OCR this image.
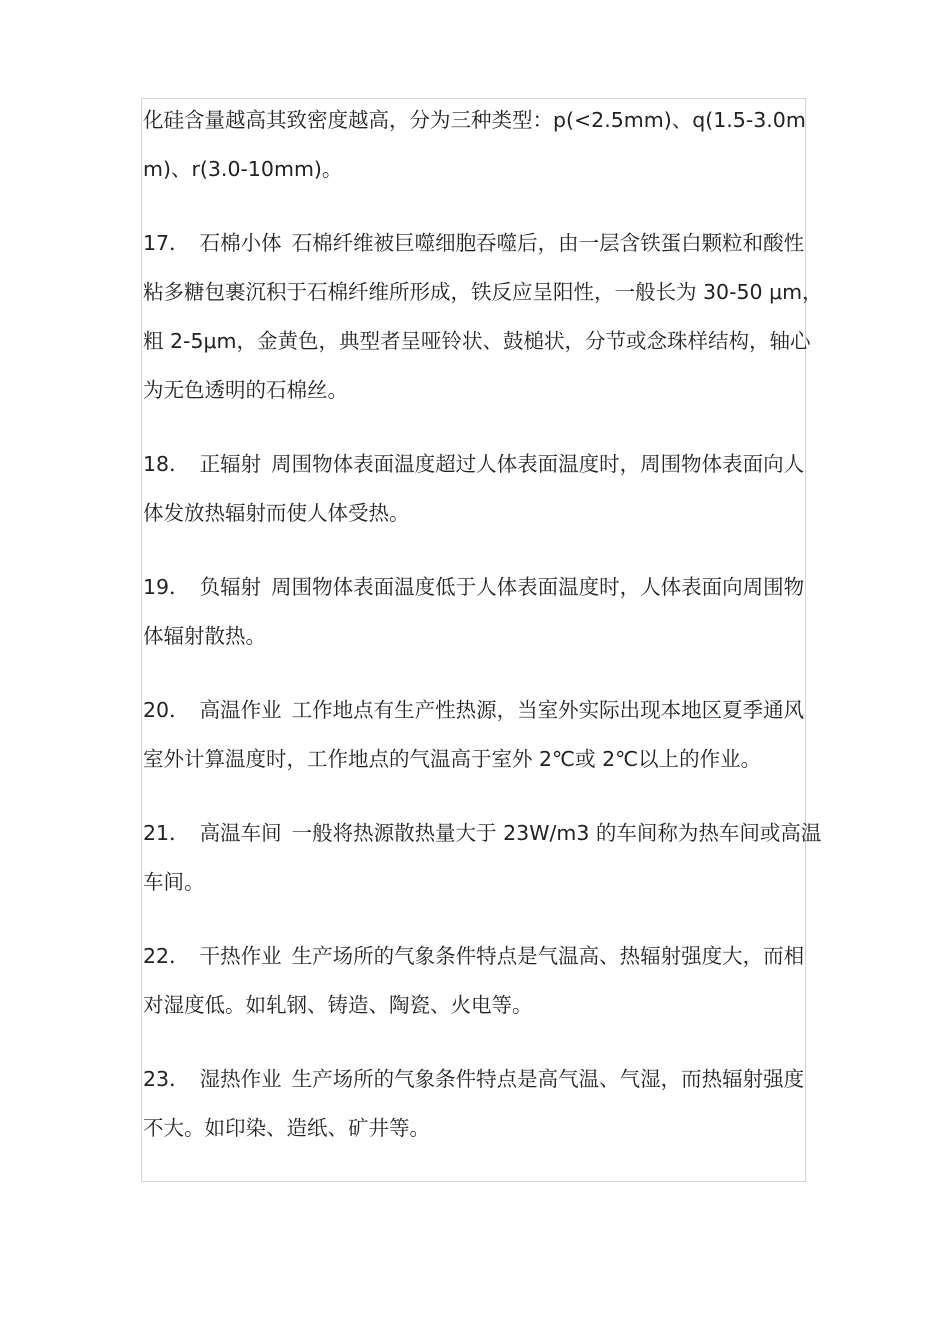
化硅含量越高其致密度越高，分为三种类型：p(<2.5mm)、q(1.5-3.0mm)、r(3.0-10mm)。

17． 石棉小体 石棉纤维被巨噬细胞吞噬后，由一层含铁蛋白颗粒和酸性粘多糖包裹沉积于石棉纤维所形成，铁反应呈阳性，一般长为 30-50 μm，粗 2-5μm，金黄色，典型者呈哑铃状、鼓槌状，分节或念珠样结构，轴心为无色透明的石棉丝。

18． 正辐射 周围物体表面温度超过人体表面温度时，周围物体表面向人体发放热辐射而使人体受热。

19． 负辐射 周围物体表面温度低于人体表面温度时，人体表面向周围物体辐射散热。

20． 高温作业 工作地点有生产性热源，当室外实际出现本地区夏季通风室外计算温度时，工作地点的气温高于室外 2℃或 2℃以上的作业。

21． 高温车间 一般将热源散热量大于 23W/m3 的车间称为热车间或高温车间。

22． 干热作业 生产场所的气象条件特点是气温高、热辐射强度大，而相对湿度低。如轧钢、铸造、陶瓷、火电等。

23． 湿热作业 生产场所的气象条件特点是高气温、气湿，而热辐射强度不大。如印染、造纸、矿井等。
